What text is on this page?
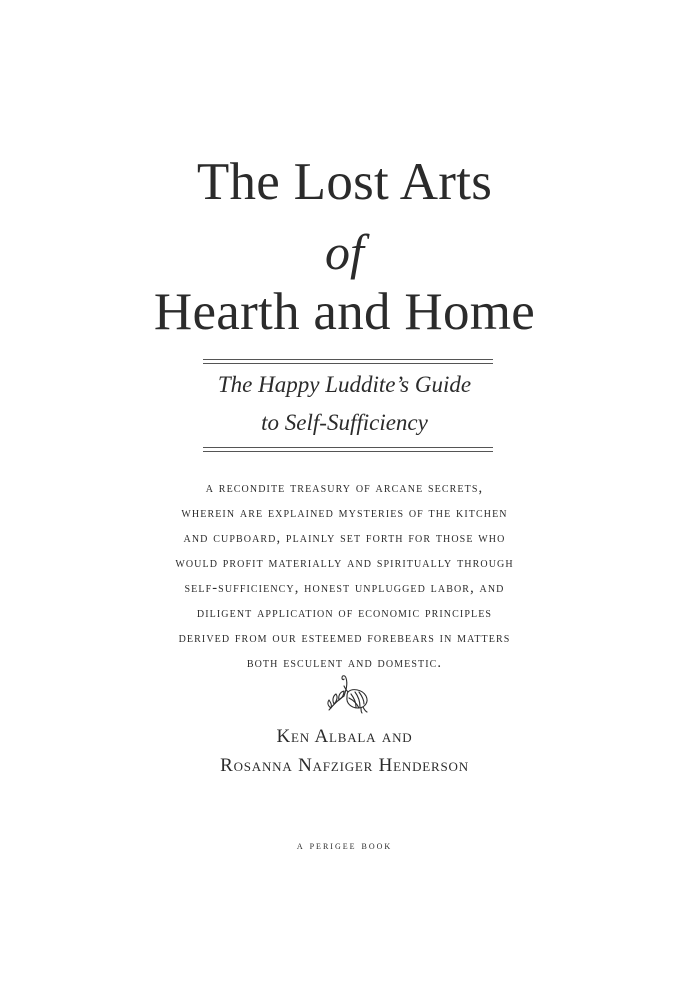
The Lost Arts
of
Hearth and Home
The Happy Luddite’s Guide
to Self-Sufficiency
a recondite treasury of arcane secrets,
wherein are explained mysteries of the kitchen
and cupboard, plainly set forth for those who
would profit materially and spiritually through
self-sufficiency, honest unplugged labor, and
diligent application of economic principles
derived from our esteemed forebears in matters
both esculent and domestic.
Ken Albala and
Rosanna Nafziger Henderson
a perigee book
